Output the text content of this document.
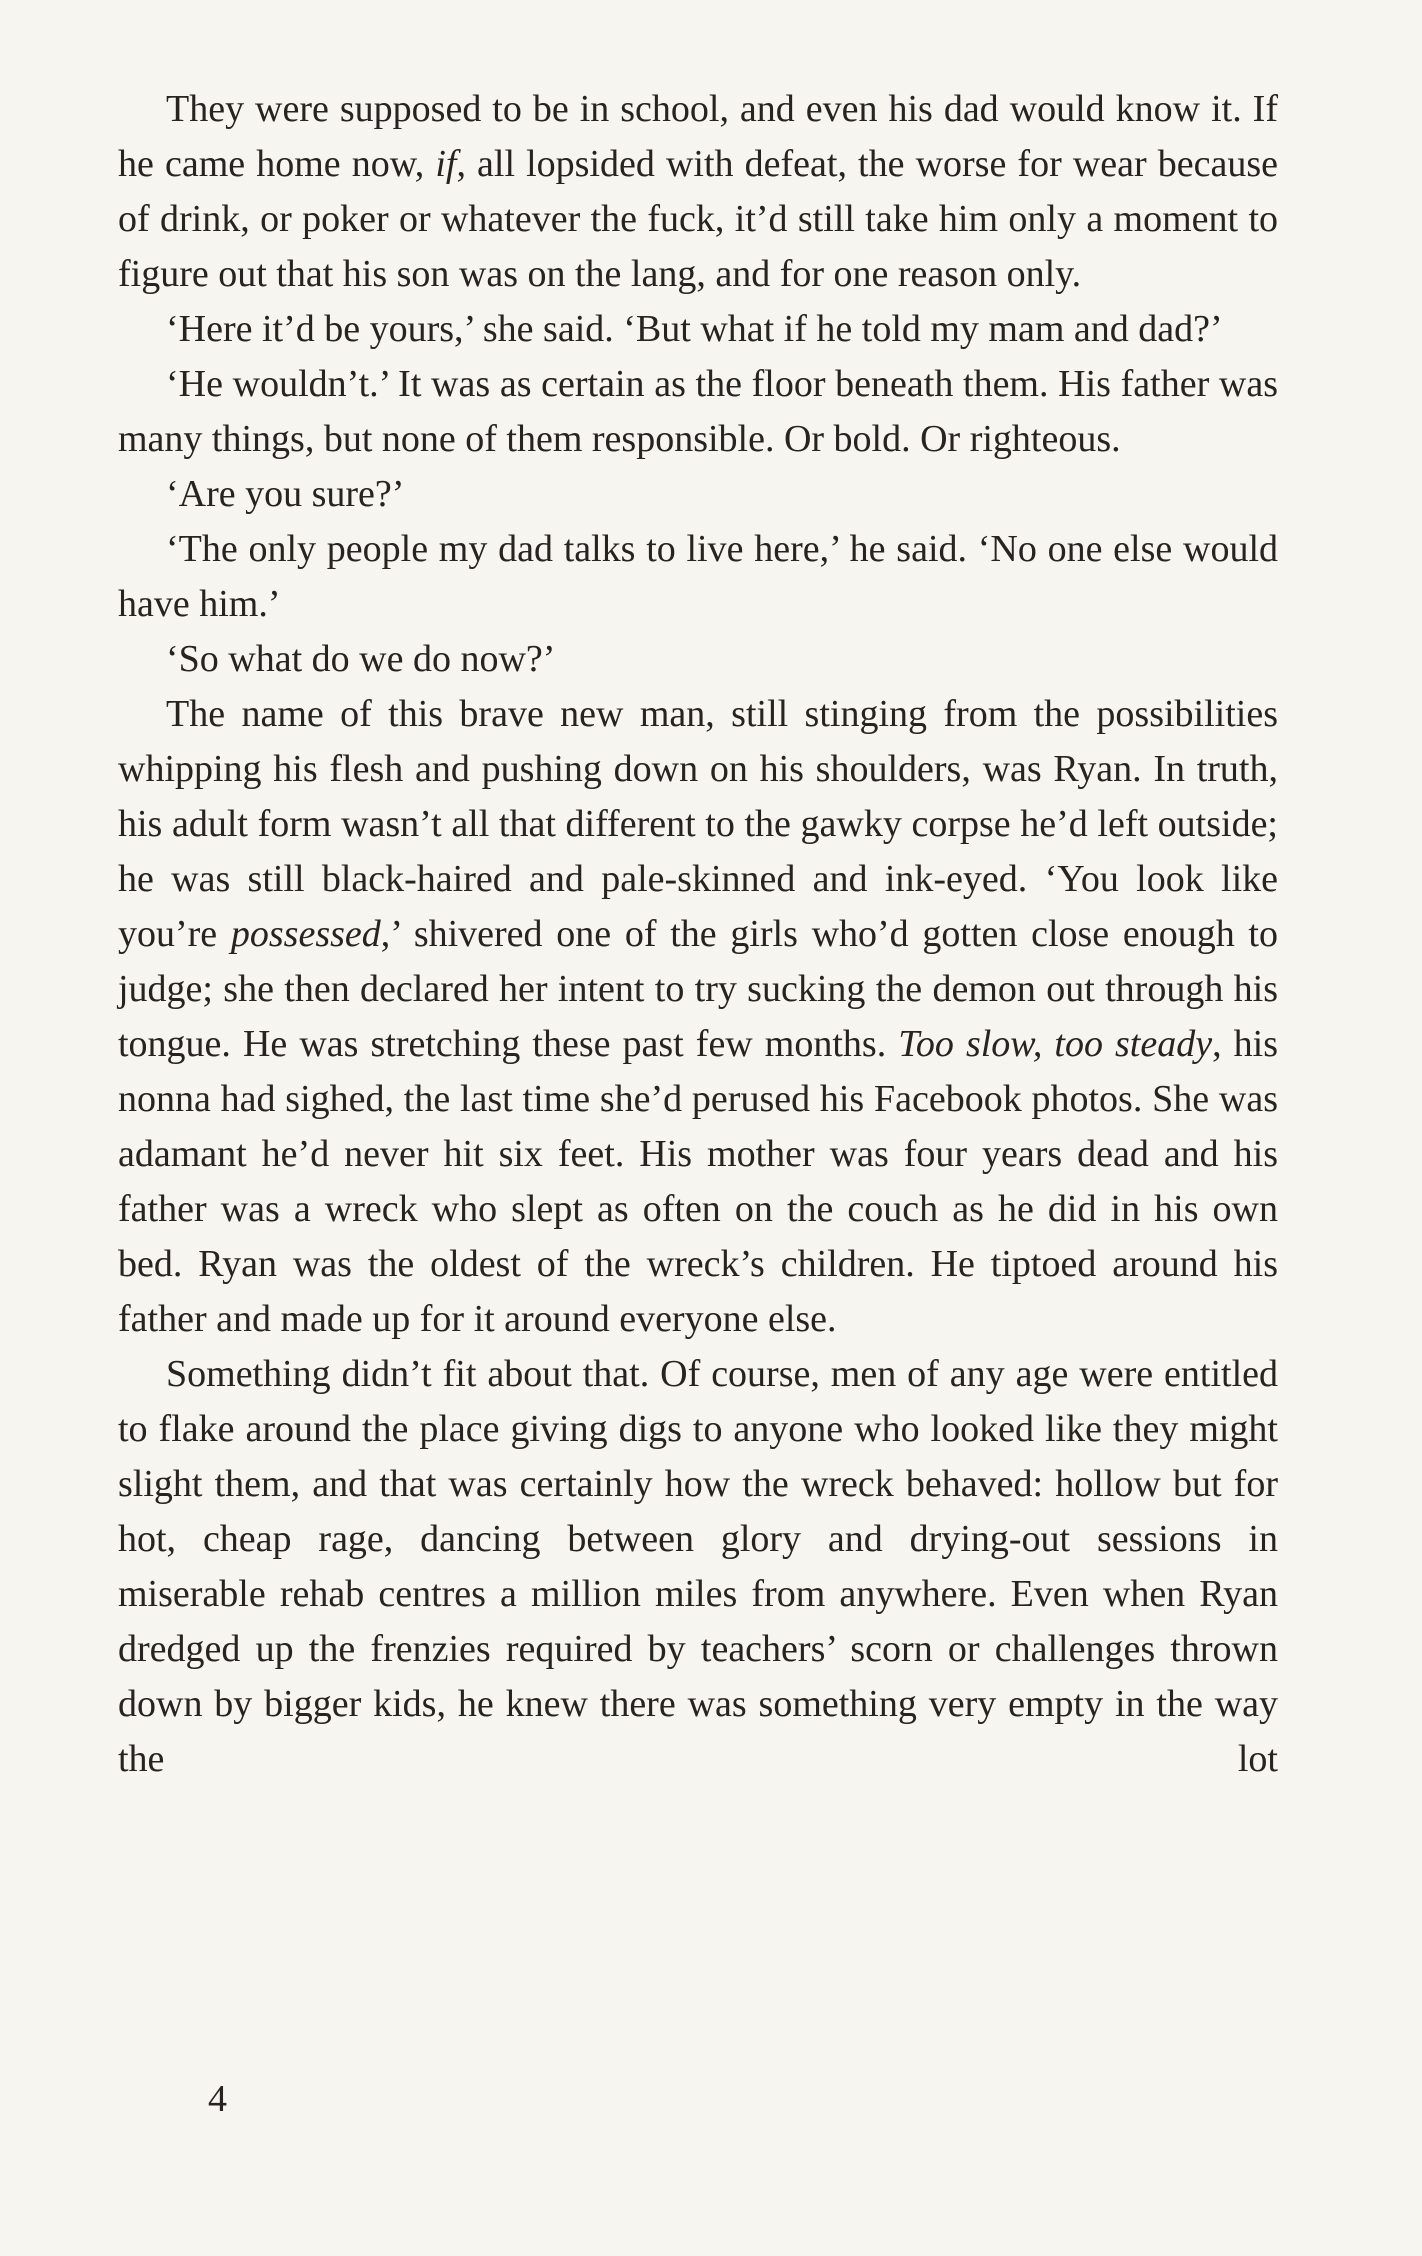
They were supposed to be in school, and even his dad would know it. If he came home now, if, all lopsided with defeat, the worse for wear because of drink, or poker or whatever the fuck, it’d still take him only a moment to figure out that his son was on the lang, and for one reason only.

‘Here it’d be yours,’ she said. ‘But what if he told my mam and dad?’

‘He wouldn’t.’ It was as certain as the floor beneath them. His father was many things, but none of them responsible. Or bold. Or righteous.

‘Are you sure?’

‘The only people my dad talks to live here,’ he said. ‘No one else would have him.’

‘So what do we do now?’

The name of this brave new man, still stinging from the possibilities whipping his flesh and pushing down on his shoulders, was Ryan. In truth, his adult form wasn’t all that different to the gawky corpse he’d left outside; he was still black-haired and pale-skinned and ink-eyed. ‘You look like you’re possessed,’ shivered one of the girls who’d gotten close enough to judge; she then declared her intent to try sucking the demon out through his tongue. He was stretching these past few months. Too slow, too steady, his nonna had sighed, the last time she’d perused his Facebook photos. She was adamant he’d never hit six feet. His mother was four years dead and his father was a wreck who slept as often on the couch as he did in his own bed. Ryan was the oldest of the wreck’s children. He tiptoed around his father and made up for it around everyone else.

Something didn’t fit about that. Of course, men of any age were entitled to flake around the place giving digs to anyone who looked like they might slight them, and that was certainly how the wreck behaved: hollow but for hot, cheap rage, dancing between glory and drying-out sessions in miserable rehab centres a million miles from anywhere. Even when Ryan dredged up the frenzies required by teachers’ scorn or challenges thrown down by bigger kids, he knew there was something very empty in the way the lot

4
